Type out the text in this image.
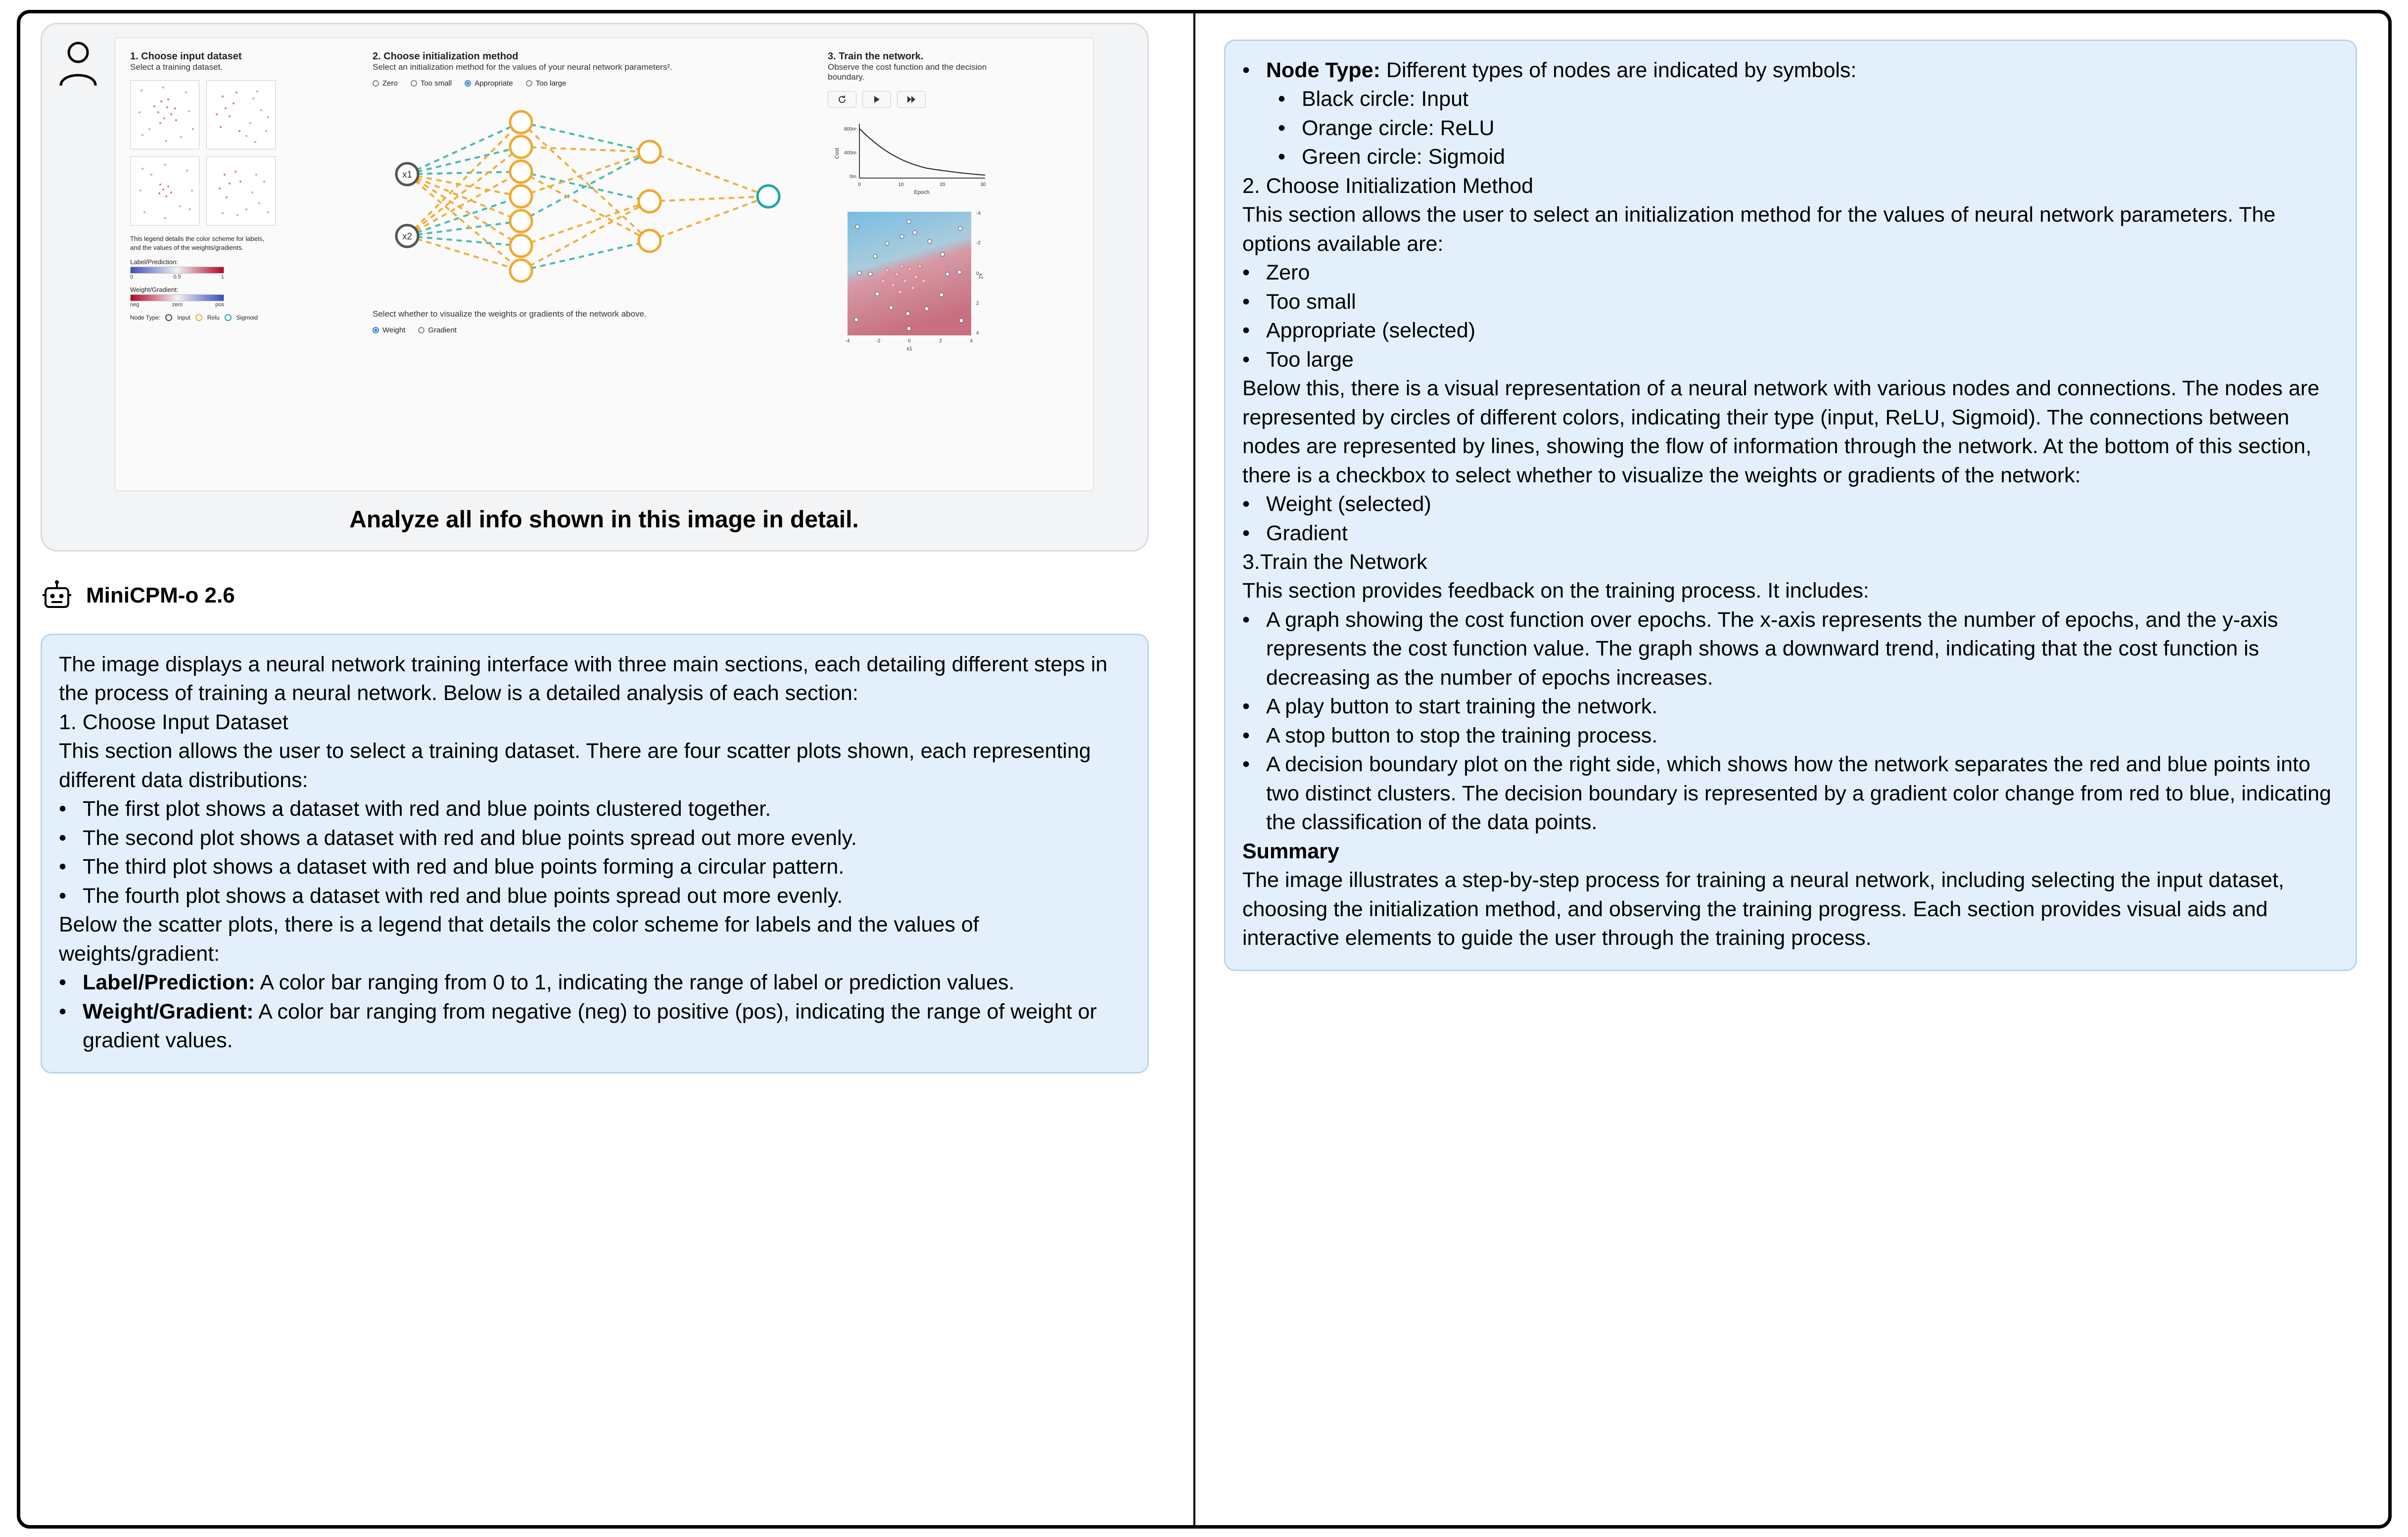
1. Choose input dataset
Select a training dataset.
This legend details the color scheme for labels,
and the values of the weights/gradients.
Label/Prediction:
0	0.5	1
Weight/Gradient:
neg	zero	pos
Node Type:	Input	Relu	Sigmoid
2. Choose initialization method
Select an initialization method for the values of your neural network parameters².
Zero	Too small	Appropriate	Too large
x1
x2
Select whether to visualize the weights or gradients of the network above.
Weight	Gradient
3. Train the network.
Observe the cost function and the decision
boundary.
Cost
800m
400m
0m
0	10	20	30
Epoch
x1
x2
-4	-2	0	2	4
-4
-2
0
2
4
Analyze all info shown in this image in detail.
MiniCPM-o 2.6

The image displays a neural network training interface with three main sections, each detailing different steps in the process of training a neural network. Below is a detailed analysis of each section:

1. Choose Input Dataset

This section allows the user to select a training dataset. There are four scatter plots shown, each representing different data distributions:

• The first plot shows a dataset with red and blue points clustered together.
• The second plot shows a dataset with red and blue points spread out more evenly.
• The third plot shows a dataset with red and blue points forming a circular pattern.
• The fourth plot shows a dataset with red and blue points spread out more evenly.

Below the scatter plots, there is a legend that details the color scheme for labels and the values of weights/gradient:

• Label/Prediction: A color bar ranging from 0 to 1, indicating the range of label or prediction values.
• Weight/Gradient: A color bar ranging from negative (neg) to positive (pos), indicating the range of weight or gradient values.
• Node Type: Different types of nodes are indicated by symbols:
• Black circle: Input
• Orange circle: ReLU
• Green circle: Sigmoid

2. Choose Initialization Method

This section allows the user to select an initialization method for the values of neural network parameters. The options available are:

• Zero
• Too small
• Appropriate (selected)
• Too large

Below this, there is a visual representation of a neural network with various nodes and connections. The nodes are represented by circles of different colors, indicating their type (input, ReLU, Sigmoid). The connections between nodes are represented by lines, showing the flow of information through the network. At the bottom of this section, there is a checkbox to select whether to visualize the weights or gradients of the network:

• Weight (selected)
• Gradient

3.Train the Network

This section provides feedback on the training process. It includes:

• A graph showing the cost function over epochs. The x-axis represents the number of epochs, and the y-axis represents the cost function value. The graph shows a downward trend, indicating that the cost function is decreasing as the number of epochs increases.
• A play button to start training the network.
• A stop button to stop the training process.
• A decision boundary plot on the right side, which shows how the network separates the red and blue points into two distinct clusters. The decision boundary is represented by a gradient color change from red to blue, indicating the classification of the data points.

Summary

The image illustrates a step-by-step process for training a neural network, including selecting the input dataset, choosing the initialization method, and observing the training progress. Each section provides visual aids and interactive elements to guide the user through the training process.
